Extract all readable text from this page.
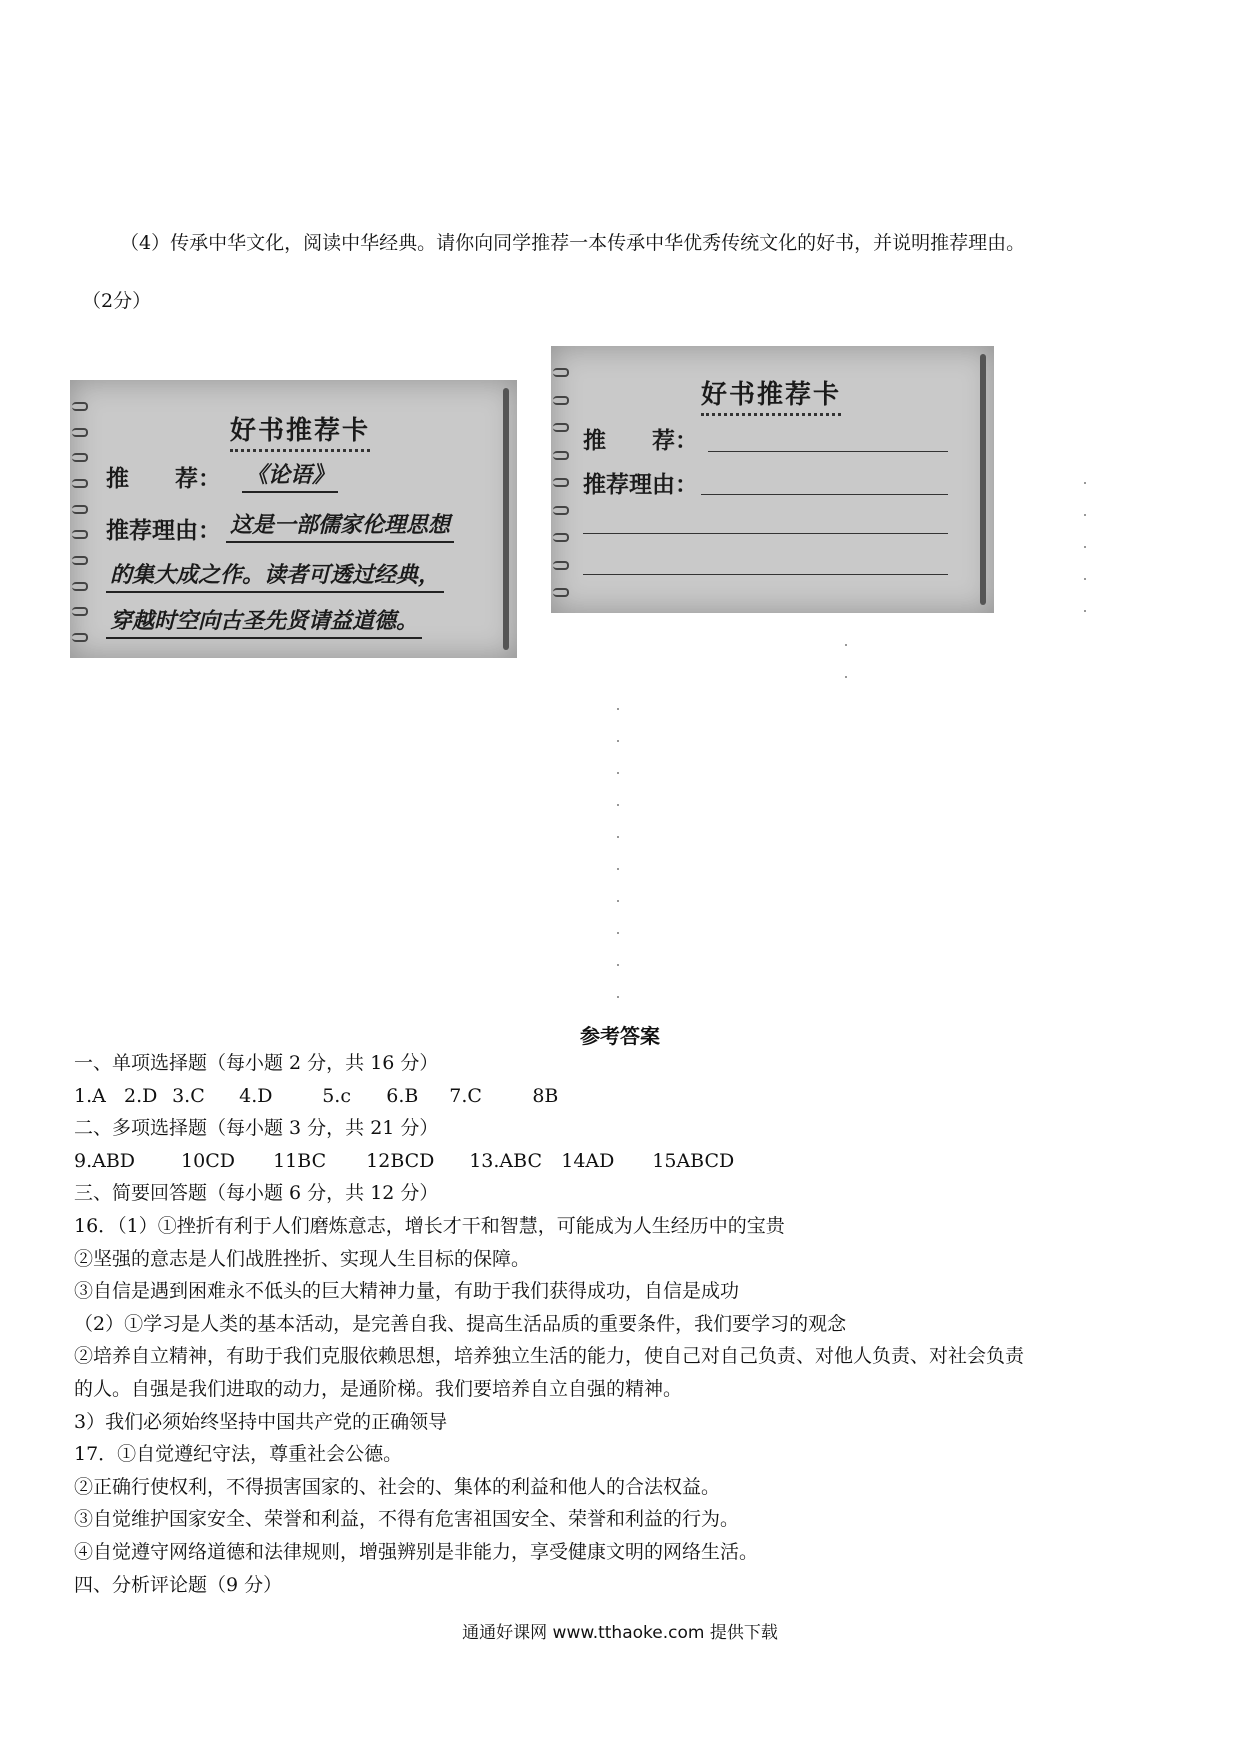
（4）传承中华文化，阅读中华经典。请你向同学推荐一本传承中华优秀传统文化的好书，并说明推荐理由。
（2分）
好书推荐卡
推　　荐： 《论语》
推荐理由： 这是一部儒家伦理思想
的集大成之作。读者可透过经典，
穿越时空向古圣先贤请益道德。
好书推荐卡
推　　荐：
推荐理由：
参考答案
一、单项选择题（每小题 2 分，共 16 分）
1.A 2.D 3.C 4.D	5.c 6.B 7.C	8B
二、多项选择题（每小题 3 分，共 21 分）
9.ABD 10CD 11BC 12BCD 13.ABC 14AD 15ABCD
三、简要回答题（每小题 6 分，共 12 分）
16．（1）①挫折有利于人们磨炼意志，增长才干和智慧，可能成为人生经历中的宝贵
②坚强的意志是人们战胜挫折、实现人生目标的保障。
③自信是遇到困难永不低头的巨大精神力量，有助于我们获得成功，自信是成功
（2）①学习是人类的基本活动，是完善自我、提高生活品质的重要条件，我们要学习的观念
②培养自立精神，有助于我们克服依赖思想，培养独立生活的能力，使自己对自己负责、对他人负责、对社会负责
的人。自强是我们进取的动力，是通阶梯。我们要培养自立自强的精神。
3）我们必须始终坚持中国共产党的正确领导
17．①自觉遵纪守法，尊重社会公德。
②正确行使权利，不得损害国家的、社会的、集体的利益和他人的合法权益。
③自觉维护国家安全、荣誉和利益，不得有危害祖国安全、荣誉和利益的行为。
④自觉遵守网络道德和法律规则，增强辨别是非能力，享受健康文明的网络生活。
四、分析评论题（9 分）
通通好课网 www.tthaoke.com 提供下载
